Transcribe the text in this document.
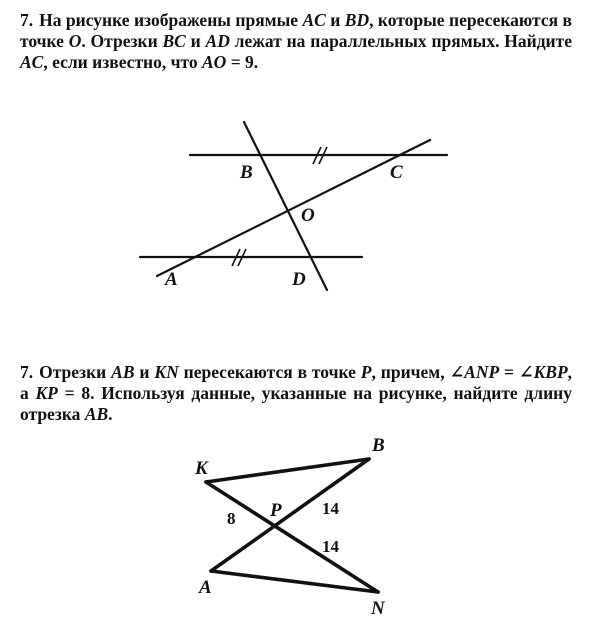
7. На рисунке изображены прямые AC и BD, которые пересекаются в точке O. Отрезки BC и AD лежат на параллельных прямых. Найдите AC, если известно, что AO = 9.
7. Отрезки AB и KN пересекаются в точке P, причем, ∠ANP = ∠KBP, а KP = 8. Используя данные, указанные на рисунке, найдите длину отрезка AB.
B	C
O
A	D
K
B
P
A
N
8
14
14
